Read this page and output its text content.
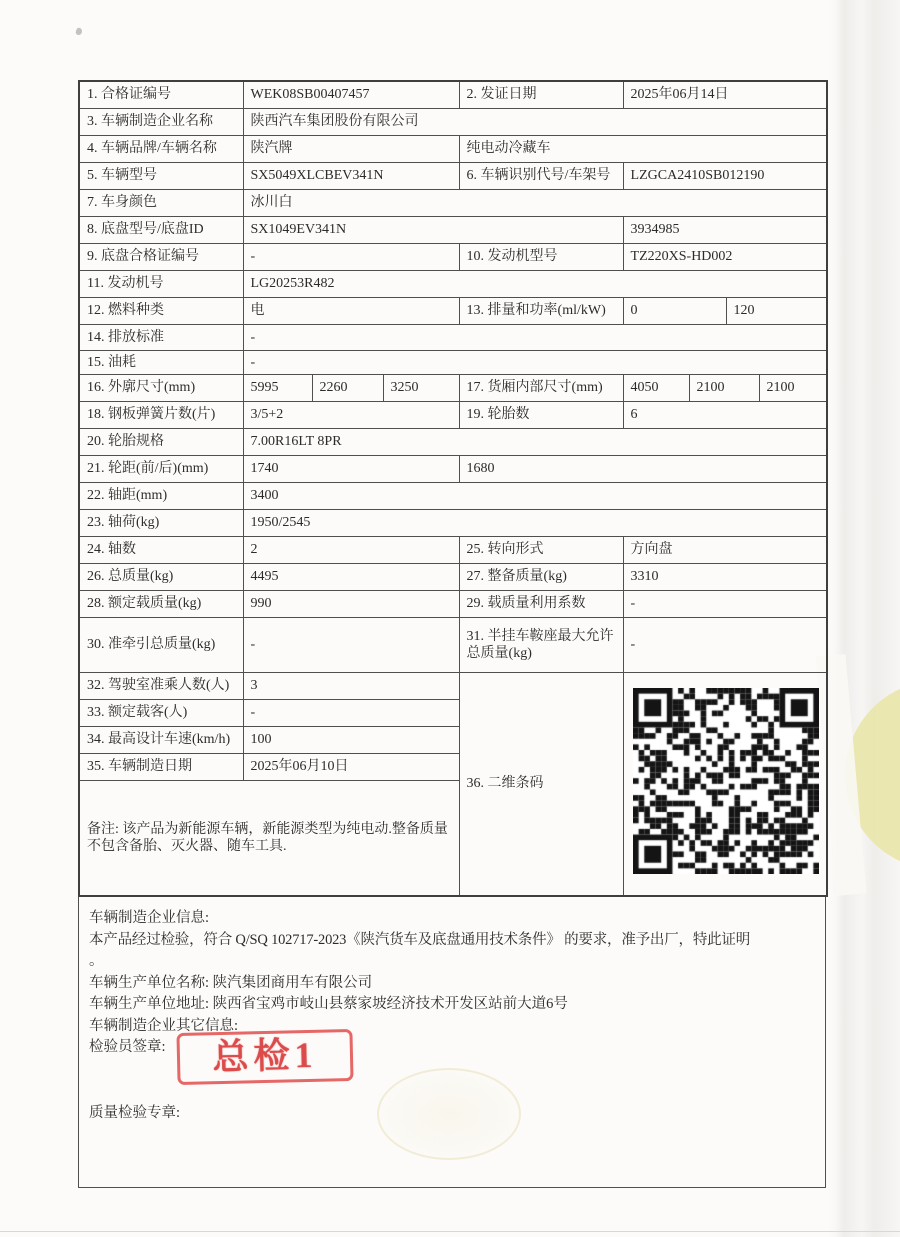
1. 合格证编号	WEK08SB00407457			2. 发证日期	2025年06月14日			
3. 车辆制造企业名称	陕西汽车集团股份有限公司							
4. 车辆品牌/车辆名称	陕汽牌			纯电动冷藏车				
5. 车辆型号	SX5049XLCBEV341N			6. 车辆识别代号/车架号	LZGCA2410SB012190			
7. 车身颜色	冰川白							
8. 底盘型号/底盘ID	SX1049EV341N				3934985			
9. 底盘合格证编号	-			10. 发动机型号	TZ220XS-HD002			
11. 发动机号	LG20253R482							
12. 燃料种类	电			13. 排量和功率(ml/kW)	0		120	
14. 排放标准	-							
15. 油耗	-							
16. 外廓尺寸(mm)	5995	2260	3250	17. 货厢内部尺寸(mm)	4050	2100		2100
18. 钢板弹簧片数(片)	3/5+2			19. 轮胎数	6			
20. 轮胎规格	7.00R16LT 8PR							
21. 轮距(前/后)(mm)	1740			1680				
22. 轴距(mm)	3400							
23. 轴荷(kg)	1950/2545							
24. 轴数	2			25. 转向形式	方向盘			
26. 总质量(kg)	4495			27. 整备质量(kg)	3310			
28. 额定载质量(kg)	990			29. 载质量利用系数	-			
30. 准牵引总质量(kg)	-			31. 半挂车鞍座最大允许总质量(kg)	-			
32. 驾驶室准乘人数(人)	3			36. 二维条码	
33. 额定载客(人)	-							
34. 最高设计车速(km/h)	100							
35. 车辆制造日期	2025年06月10日							
备注: 该产品为新能源车辆，新能源类型为纯电动.整备质量不包含备胎、灭火器、随车工具.								
车辆制造企业信息:
本产品经过检验，符合 Q/SQ 102717-2023《陕汽货车及底盘通用技术条件》 的要求，准予出厂，特此证明
。
车辆生产单位名称: 陕汽集团商用车有限公司
车辆生产单位地址: 陕西省宝鸡市岐山县蔡家坡经济技术开发区站前大道6号
车辆制造企业其它信息:
检验员签章:
质量检验专章:
总检1
